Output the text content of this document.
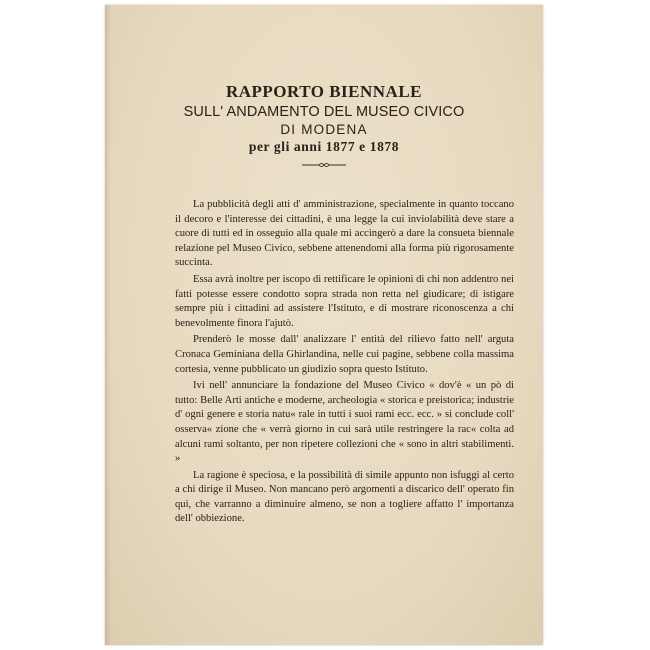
RAPPORTO BIENNALE

SULL' ANDAMENTO DEL MUSEO CIVICO

DI MODENA

per gli anni 1877 e 1878

La pubblicità degli atti d' amministrazione, specialmente in quanto toccano il decoro e l'interesse dei cittadini, è una legge la cui inviolabilità deve stare a cuore di tutti ed in osseguio alla quale mi accingerò a dare la consueta biennale relazione pel Museo Civico, sebbene attenendomi alla forma più rigorosamente succinta.

Essa avrà inoltre per iscopo di rettificare le opinioni di chi non addentro nei fatti potesse essere condotto sopra strada non retta nel giudicare; di istigare sempre più i cittadini ad assistere l'Istituto, e di mostrare riconoscenza a chi benevolmente finora l'ajutò.

Prenderò le mosse dall' analizzare l' entità del rilievo fatto nell' arguta Cronaca Geminiana della Ghirlandina, nelle cui pagine, sebbene colla massima cortesia, venne pubblicato un giudizio sopra questo Istituto.

Ivi nell' annunciare la fondazione del Museo Civico « dov'è « un pò di tutto: Belle Arti antiche e moderne, archeologia « storica e preistorica; industrie d' ogni genere e storia natu« rale in tutti i suoi rami ecc. ecc. » si conclude coll' osserva« zione che « verrà giorno in cui sarà utile restringere la rac« colta ad alcuni rami soltanto, per non ripetere collezioni che « sono in altri stabilimenti. »

La ragione è speciosa, e la possibilità di simile appunto non isfuggì al certo a chi dirige il Museo. Non mancano però argomenti a discarico dell' operato fin qui, che varranno a diminuire almeno, se non a togliere affatto l' importanza dell' obbiezione.
